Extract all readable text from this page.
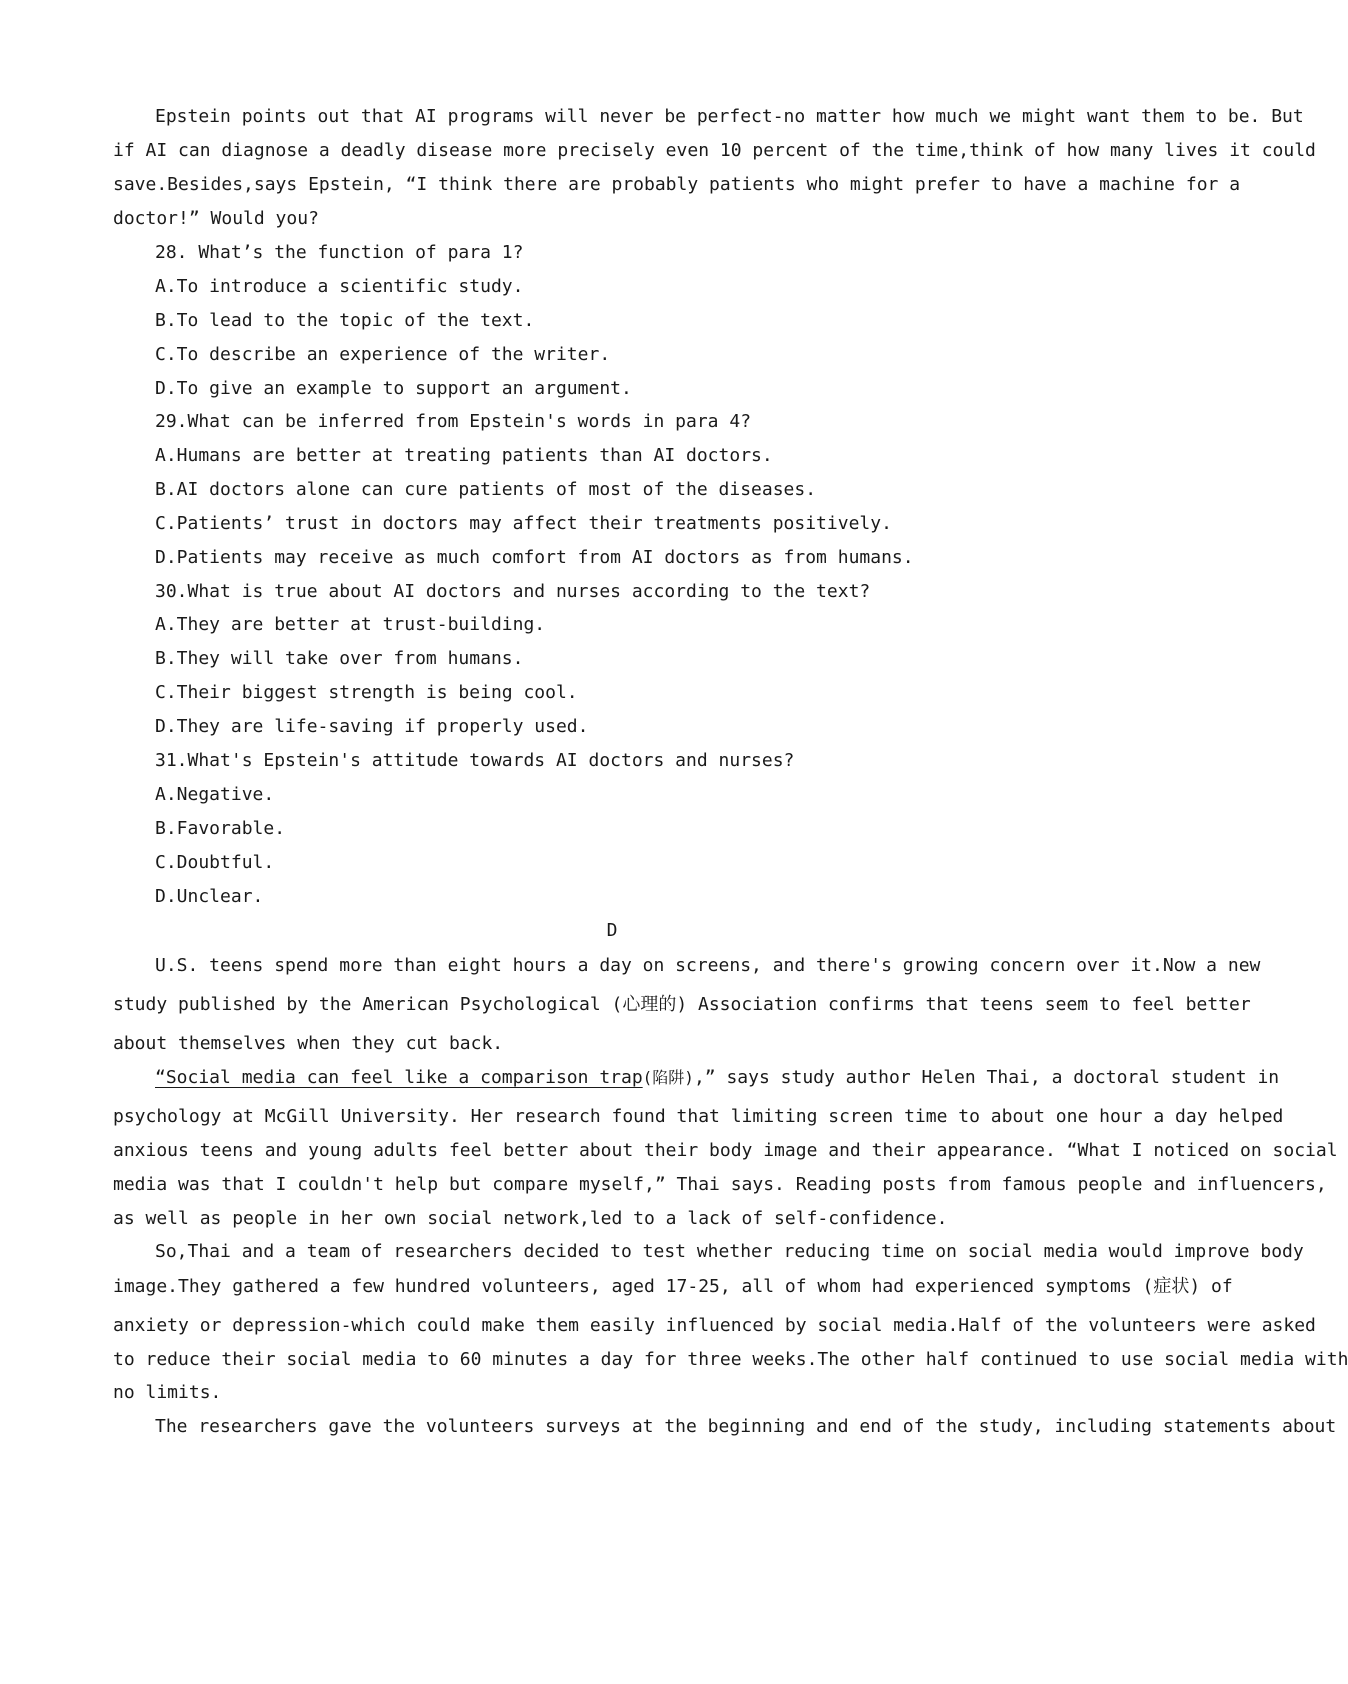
Epstein points out that AI programs will never be perfect-no matter how much we might want them to be. But
if AI can diagnose a deadly disease more precisely even 10 percent of the time,think of how many lives it could
save.Besides,says Epstein, “I think there are probably patients who might prefer to have a machine for a
doctor!” Would you?
28. What’s the function of para 1?
A.To introduce a scientific study.
B.To lead to the topic of the text.
C.To describe an experience of the writer.
D.To give an example to support an argument.
29.What can be inferred from Epstein's words in para 4?
A.Humans are better at treating patients than AI doctors.
B.AI doctors alone can cure patients of most of the diseases.
C.Patients’ trust in doctors may affect their treatments positively.
D.Patients may receive as much comfort from AI doctors as from humans.
30.What is true about AI doctors and nurses according to the text?
A.They are better at trust-building.
B.They will take over from humans.
C.Their biggest strength is being cool.
D.They are life-saving if properly used.
31.What's Epstein's attitude towards AI doctors and nurses?
A.Negative.
B.Favorable.
C.Doubtful.
D.Unclear.
D
U.S. teens spend more than eight hours a day on screens, and there's growing concern over it.Now a new
study published by the American Psychological (心理的) Association confirms that teens seem to feel better
about themselves when they cut back.
“Social media can feel like a comparison trap(陷阱),” says study author Helen Thai, a doctoral student in
psychology at McGill University. Her research found that limiting screen time to about one hour a day helped
anxious teens and young adults feel better about their body image and their appearance. “What I noticed on social
media was that I couldn't help but compare myself,” Thai says. Reading posts from famous people and influencers,
as well as people in her own social network,led to a lack of self-confidence.
So,Thai and a team of researchers decided to test whether reducing time on social media would improve body
image.They gathered a few hundred volunteers, aged 17-25, all of whom had experienced symptoms (症状) of
anxiety or depression-which could make them easily influenced by social media.Half of the volunteers were asked
to reduce their social media to 60 minutes a day for three weeks.The other half continued to use social media with
no limits.
The researchers gave the volunteers surveys at the beginning and end of the study, including statements about
